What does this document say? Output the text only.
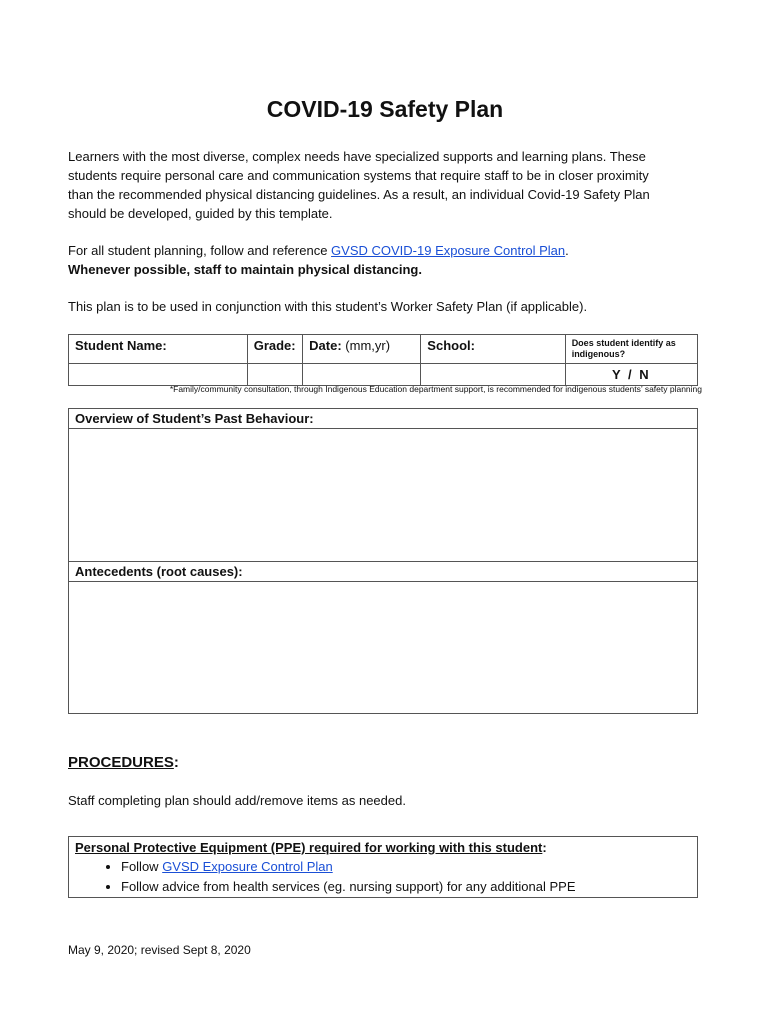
COVID-19 Safety Plan
Learners with the most diverse, complex needs have specialized supports and learning plans. These
students require personal care and communication systems that require staff to be in closer proximity
than the recommended physical distancing guidelines. As a result, an individual Covid-19 Safety Plan
should be developed, guided by this template.
For all student planning, follow and reference GVSD COVID-19 Exposure Control Plan.
Whenever possible, staff to maintain physical distancing.
This plan is to be used in conjunction with this student’s Worker Safety Plan (if applicable).
Student Name:	Grade:	Date: (mm,yr)	School:	Does student identify as indigenous?
				Y / N
*Family/community consultation, through Indigenous Education department support, is recommended for indigenous students’ safety planning
Overview of Student’s Past Behaviour:
Antecedents (root causes):
PROCEDURES:
Staff completing plan should add/remove items as needed.
Personal Protective Equipment (PPE) required for working with this student:
• Follow GVSD Exposure Control Plan
• Follow advice from health services (eg. nursing support) for any additional PPE
May 9, 2020; revised Sept 8, 2020
